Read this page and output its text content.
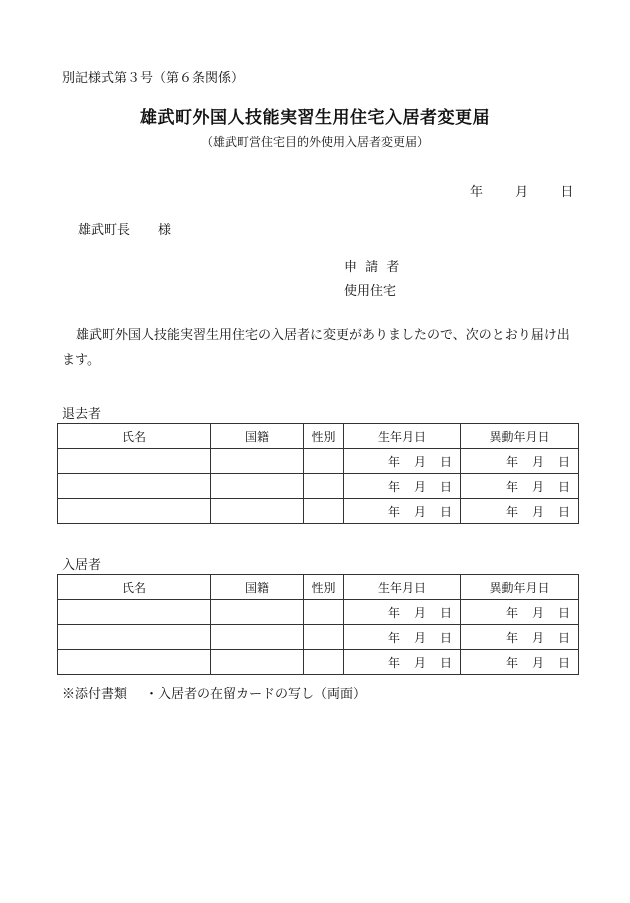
別記様式第３号（第６条関係）
雄武町外国人技能実習生用住宅入居者変更届
（雄武町営住宅目的外使用入居者変更届）
年 月 日
雄武町長 様
申 請 者
使用住宅
雄武町外国人技能実習生用住宅の入居者に変更がありましたので、次のとおり届け出ます。
退去者
氏名	国籍	性別	生年月日	異動年月日
			年 月 日	年 月 日
			年 月 日	年 月 日
			年 月 日	年 月 日
入居者
氏名	国籍	性別	生年月日	異動年月日
			年 月 日	年 月 日
			年 月 日	年 月 日
			年 月 日	年 月 日
※添付書類 ・入居者の在留カードの写し（両面）
